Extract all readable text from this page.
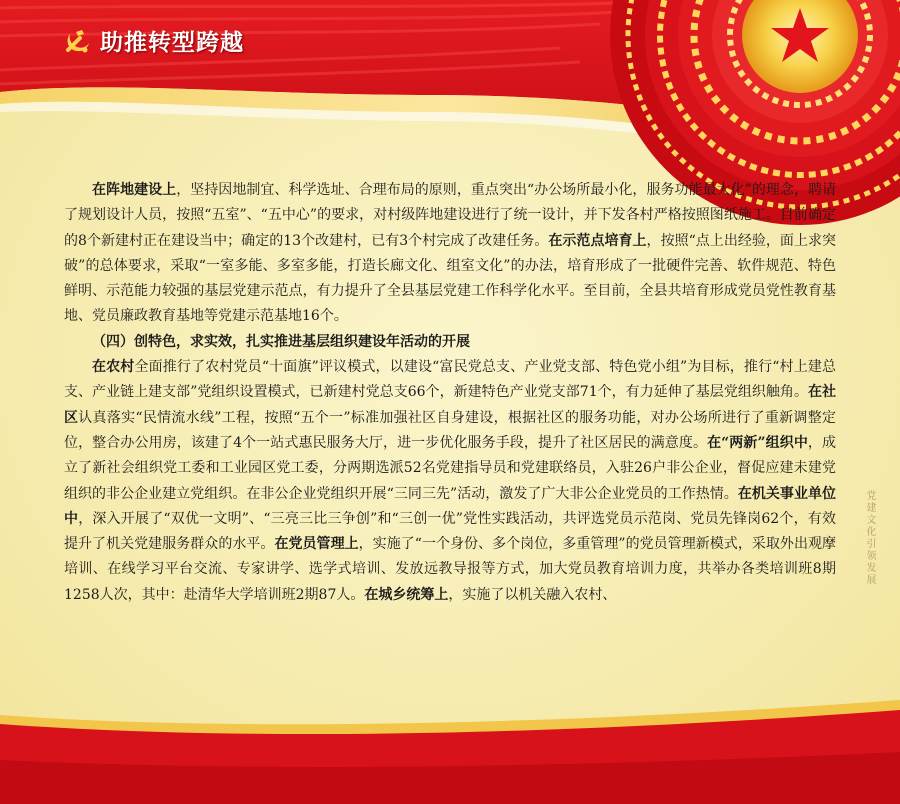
助推转型跨越

在阵地建设上，坚持因地制宜、科学选址、合理布局的原则，重点突出“办公场所最小化，服务功能最大化”的理念，聘请了规划设计人员，按照“五室”、“五中心”的要求，对村级阵地建设进行了统一设计，并下发各村严格按照图纸施工。目前确定的8个新建村正在建设当中；确定的13个改建村，已有3个村完成了改建任务。在示范点培育上，按照“点上出经验，面上求突破”的总体要求，采取“一室多能、多室多能，打造长廊文化、组室文化”的办法，培育形成了一批硬件完善、软件规范、特色鲜明、示范能力较强的基层党建示范点，有力提升了全县基层党建工作科学化水平。至目前，全县共培育形成党员党性教育基地、党员廉政教育基地等党建示范基地16个。

（四）创特色，求实效，扎实推进基层组织建设年活动的开展

在农村全面推行了农村党员“十面旗”评议模式，以建设“富民党总支、产业党支部、特色党小组”为目标，推行“村上建总支、产业链上建支部”党组织设置模式，已新建村党总支66个，新建特色产业党支部71个，有力延伸了基层党组织触角。在社区认真落实“民情流水线”工程，按照“五个一”标准加强社区自身建设，根据社区的服务功能，对办公场所进行了重新调整定位，整合办公用房，该建了4个一站式惠民服务大厅，进一步优化服务手段，提升了社区居民的满意度。在“两新”组织中，成立了新社会组织党工委和工业园区党工委，分两期选派52名党建指导员和党建联络员，入驻26户非公企业，督促应建未建党组织的非公企业建立党组织。在非公企业党组织开展“三同三先”活动，激发了广大非公企业党员的工作热情。在机关事业单位中，深入开展了“双优一文明”、“三亮三比三争创”和“三创一优”党性实践活动，共评选党员示范岗、党员先锋岗62个，有效提升了机关党建服务群众的水平。在党员管理上，实施了“一个身份、多个岗位，多重管理”的党员管理新模式，采取外出观摩培训、在线学习平台交流、专家讲学、选学式培训、发放远教导报等方式，加大党员教育培训力度，共举办各类培训班8期1258人次，其中：赴清华大学培训班2期87人。在城乡统筹上，实施了以机关融入农村、

党建文化引领发展
